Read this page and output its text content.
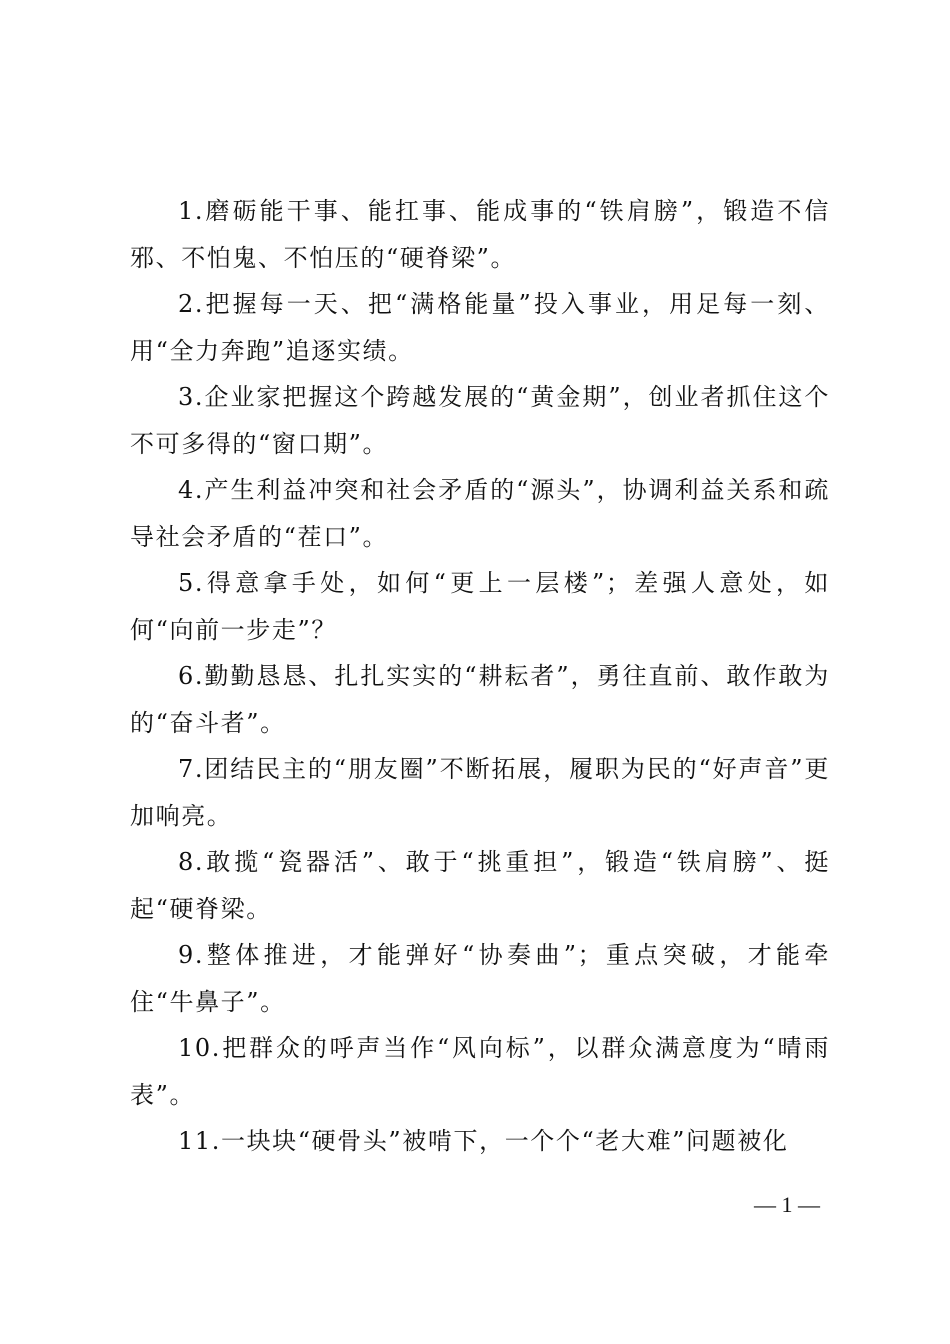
1.磨砺能干事、能扛事、能成事的“铁肩膀”，锻造不信邪、不怕鬼、不怕压的“硬脊梁”。

2.把握每一天、把“满格能量”投入事业，用足每一刻、用“全力奔跑”追逐实绩。

3.企业家把握这个跨越发展的“黄金期”，创业者抓住这个不可多得的“窗口期”。

4.产生利益冲突和社会矛盾的“源头”，协调利益关系和疏导社会矛盾的“茬口”。

5.得意拿手处，如何“更上一层楼”；差强人意处，如何“向前一步走”？

6.勤勤恳恳、扎扎实实的“耕耘者”，勇往直前、敢作敢为的“奋斗者”。

7.团结民主的“朋友圈”不断拓展，履职为民的“好声音”更加响亮。

8.敢揽“瓷器活”、敢于“挑重担”，锻造“铁肩膀”、挺起“硬脊梁。

9.整体推进，才能弹好“协奏曲”；重点突破，才能牵住“牛鼻子”。

10.把群众的呼声当作“风向标”，以群众满意度为“晴雨表”。

11.一块块“硬骨头”被啃下，一个个“老大难”问题被化

— 1 —
